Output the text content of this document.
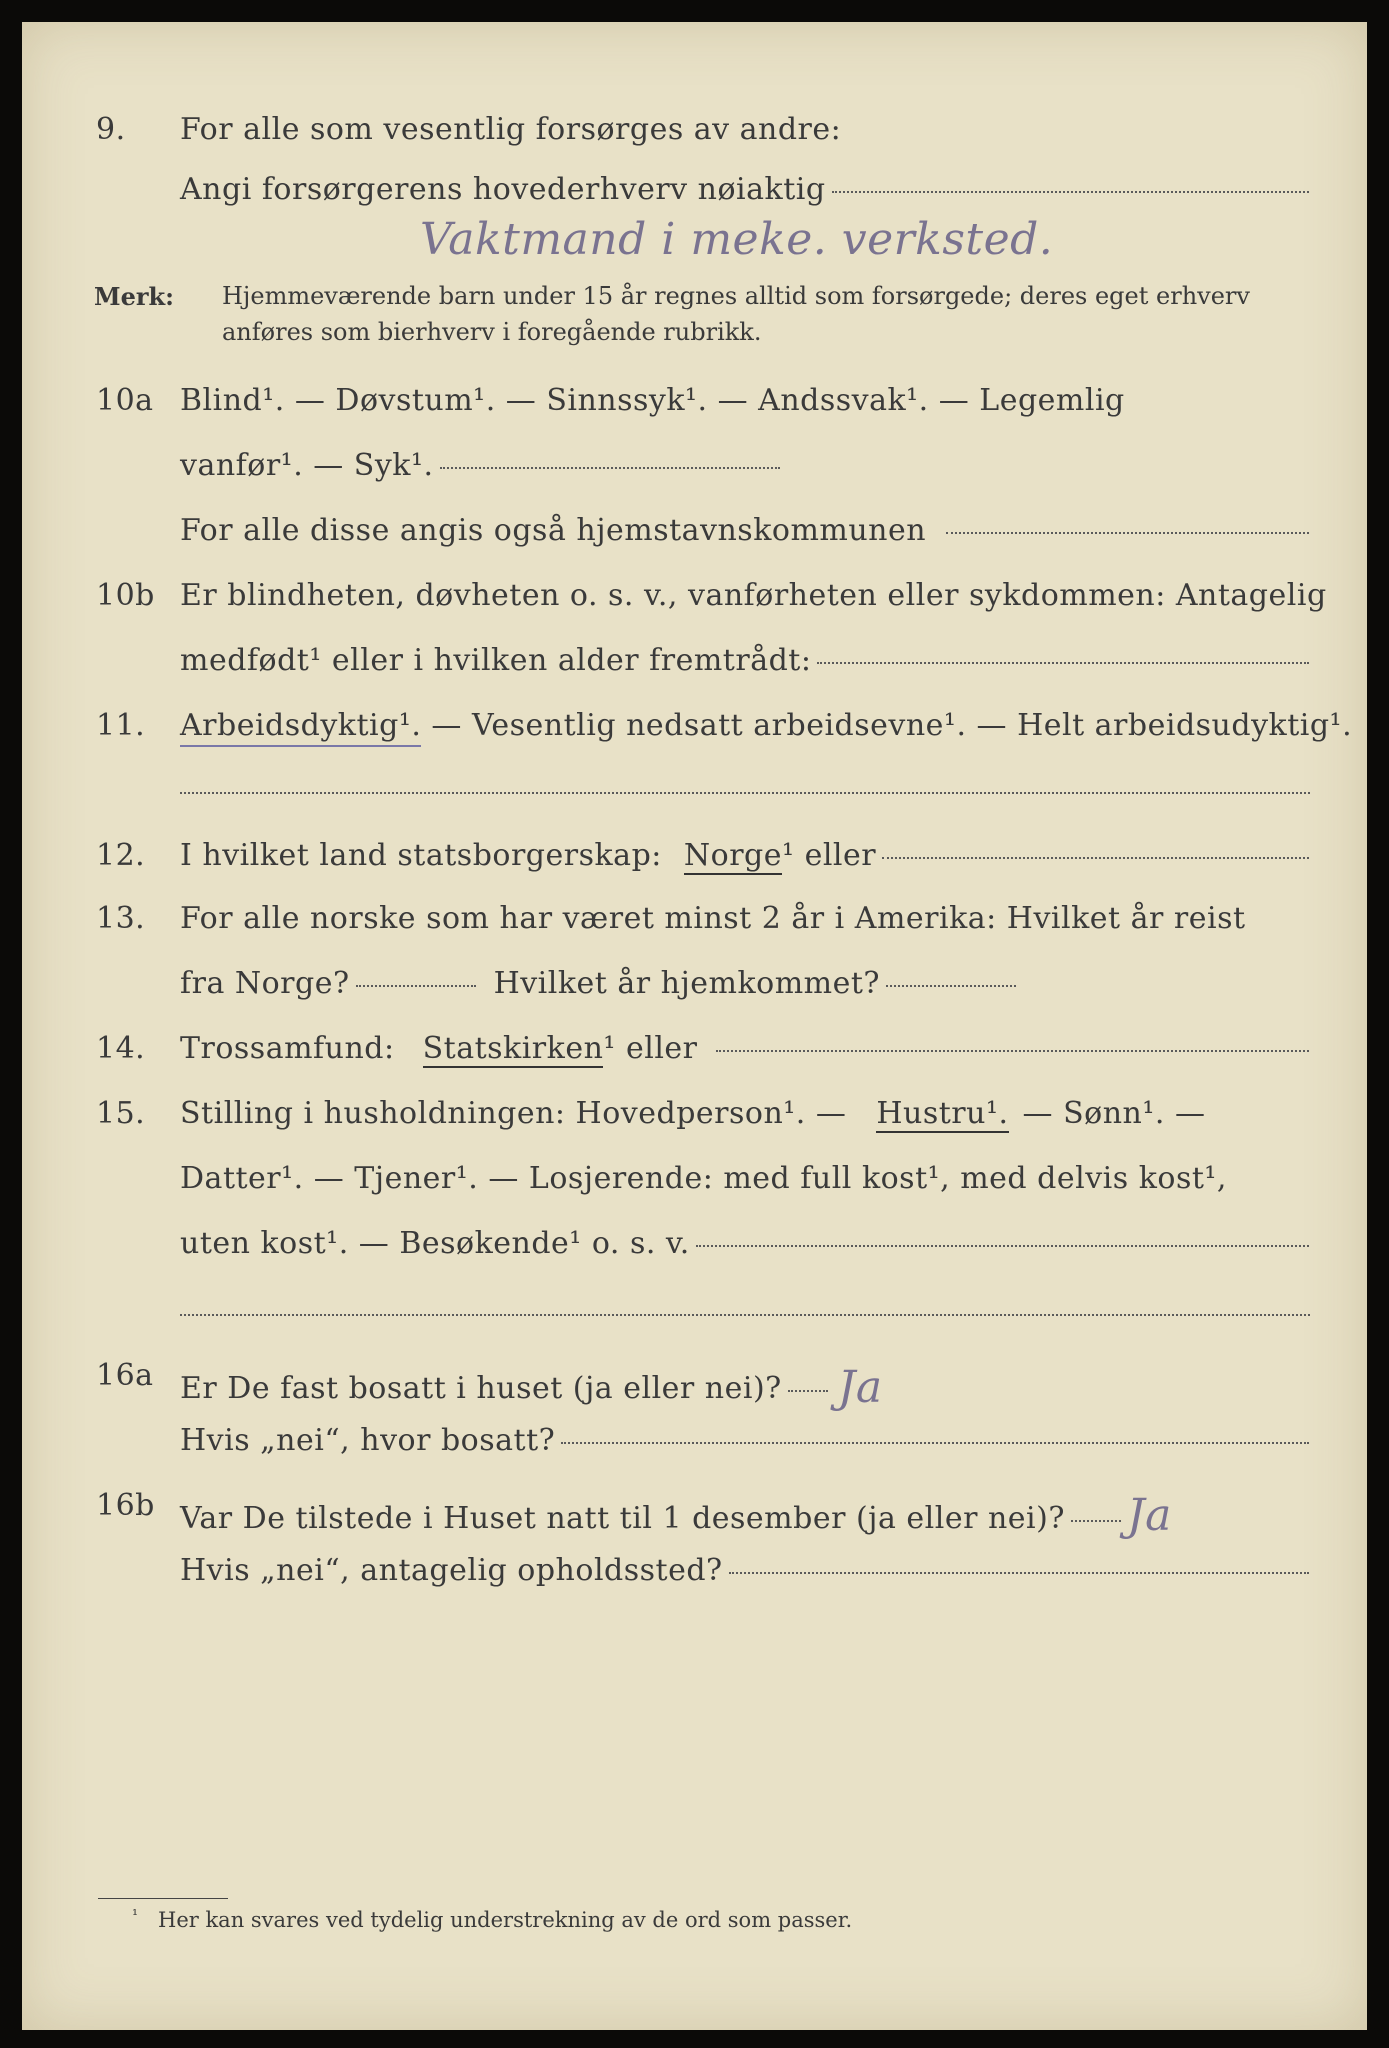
9. For alle som vesentlig forsørges av andre:
Angi forsørgerens hovederhverv nøiaktig
Vaktmand i meke. verksted.
Merk: Hjemmeværende barn under 15 år regnes alltid som forsørgede; deres eget erhverv
anføres som bierhverv i foregående rubrikk.
10a Blind¹. — Døvstum¹. — Sinnssyk¹. — Andssvak¹. — Legemlig
vanfør¹. — Syk¹.
For alle disse angis også hjemstavnskommunen
10b Er blindheten, døvheten o. s. v., vanførheten eller sykdommen: Antagelig
medfødt¹ eller i hvilken alder fremtrådt:
11. Arbeidsdyktig¹. — Vesentlig nedsatt arbeidsevne¹. — Helt arbeidsudyktig¹.
12. I hvilket land statsborgerskap: Norge ¹ eller
13. For alle norske som har været minst 2 år i Amerika: Hvilket år reist
fra Norge?	Hvilket år hjemkommet?
14. Trossamfund: Statskirken ¹ eller
15. Stilling i husholdningen: Hovedperson¹. — Hustru¹. — Sønn¹. —
Datter¹. — Tjener¹. — Losjerende: med full kost¹, med delvis kost¹,
uten kost¹. — Besøkende¹ o. s. v.
16a Er De fast bosatt i huset (ja eller nei)? Ja
Hvis „nei“, hvor bosatt?
16b Var De tilstede i Huset natt til 1 desember (ja eller nei)? Ja
Hvis „nei“, antagelig opholdssted?
¹ Her kan svares ved tydelig understrekning av de ord som passer.
